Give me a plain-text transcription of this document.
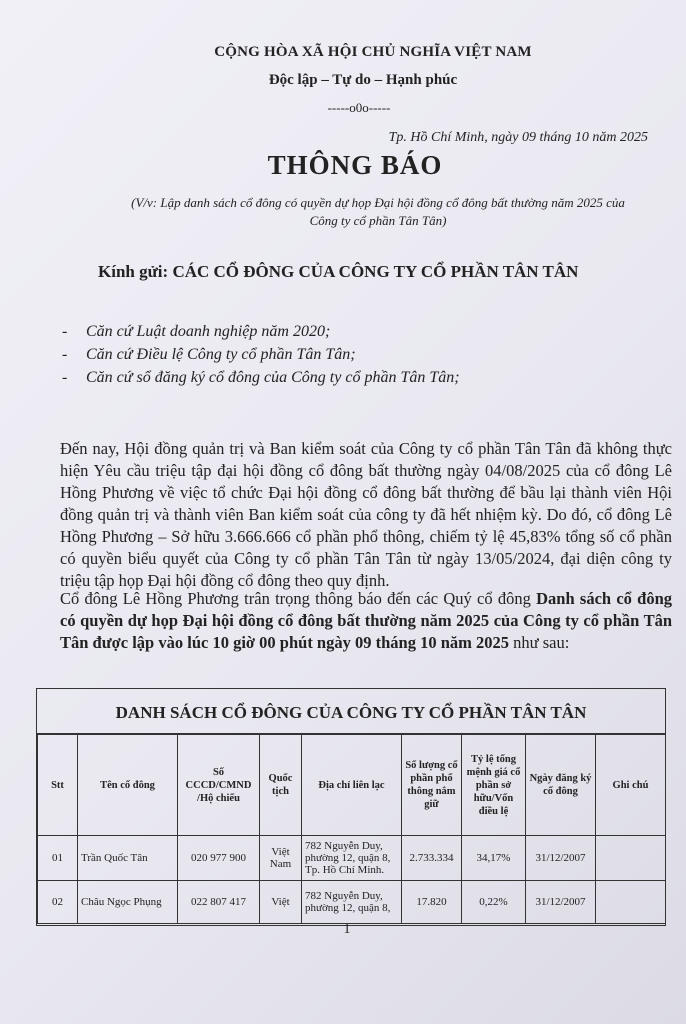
CỘNG HÒA XÃ HỘI CHỦ NGHĨA VIỆT NAM
Độc lập – Tự do – Hạnh phúc
-----o0o-----
Tp. Hồ Chí Minh, ngày 09 tháng 10 năm 2025
THÔNG BÁO
(V/v: Lập danh sách cổ đông có quyền dự họp Đại hội đồng cổ đông bất thường năm 2025 của Công ty cổ phần Tân Tân)
Kính gửi: CÁC CỔ ĐÔNG CỦA CÔNG TY CỔ PHẦN TÂN TÂN
- Căn cứ Luật doanh nghiệp năm 2020;
- Căn cứ Điều lệ Công ty cổ phần Tân Tân;
- Căn cứ sổ đăng ký cổ đông của Công ty cổ phần Tân Tân;
Đến nay, Hội đồng quản trị và Ban kiểm soát của Công ty cổ phần Tân Tân đã không thực hiện Yêu cầu triệu tập đại hội đồng cổ đông bất thường ngày 04/08/2025 của cổ đông Lê Hồng Phương về việc tổ chức Đại hội đồng cổ đông bất thường để bầu lại thành viên Hội đồng quản trị và thành viên Ban kiểm soát của công ty đã hết nhiệm kỳ. Do đó, cổ đông Lê Hồng Phương – Sở hữu 3.666.666 cổ phần phổ thông, chiếm tỷ lệ 45,83% tổng số cổ phần có quyền biểu quyết của Công ty cổ phần Tân Tân từ ngày 13/05/2024, đại diện công ty triệu tập họp Đại hội đồng cổ đông theo quy định.
Cổ đông Lê Hồng Phương trân trọng thông báo đến các Quý cổ đông Danh sách cổ đông có quyền dự họp Đại hội đồng cổ đông bất thường năm 2025 của Công ty cổ phần Tân Tân được lập vào lúc 10 giờ 00 phút ngày 09 tháng 10 năm 2025 như sau:
DANH SÁCH CỔ ĐÔNG CỦA CÔNG TY CỔ PHẦN TÂN TÂN
Stt	Tên cổ đông	Số CCCD/CMND /Hộ chiếu	Quốc tịch	Địa chỉ liên lạc	Số lượng cổ phần phổ thông nắm giữ	Tỷ lệ tổng mệnh giá cổ phần sở hữu/Vốn điều lệ	Ngày đăng ký cổ đông	Ghi chú
01	Trần Quốc Tân	020 977 900	Việt Nam	782 Nguyễn Duy, phường 12, quận 8, Tp. Hồ Chí Minh.	2.733.334	34,17%	31/12/2007	
02	Châu Ngọc Phụng	022 807 417	Việt	782 Nguyễn Duy, phường 12, quận 8,	17.820	0,22%	31/12/2007	
1
